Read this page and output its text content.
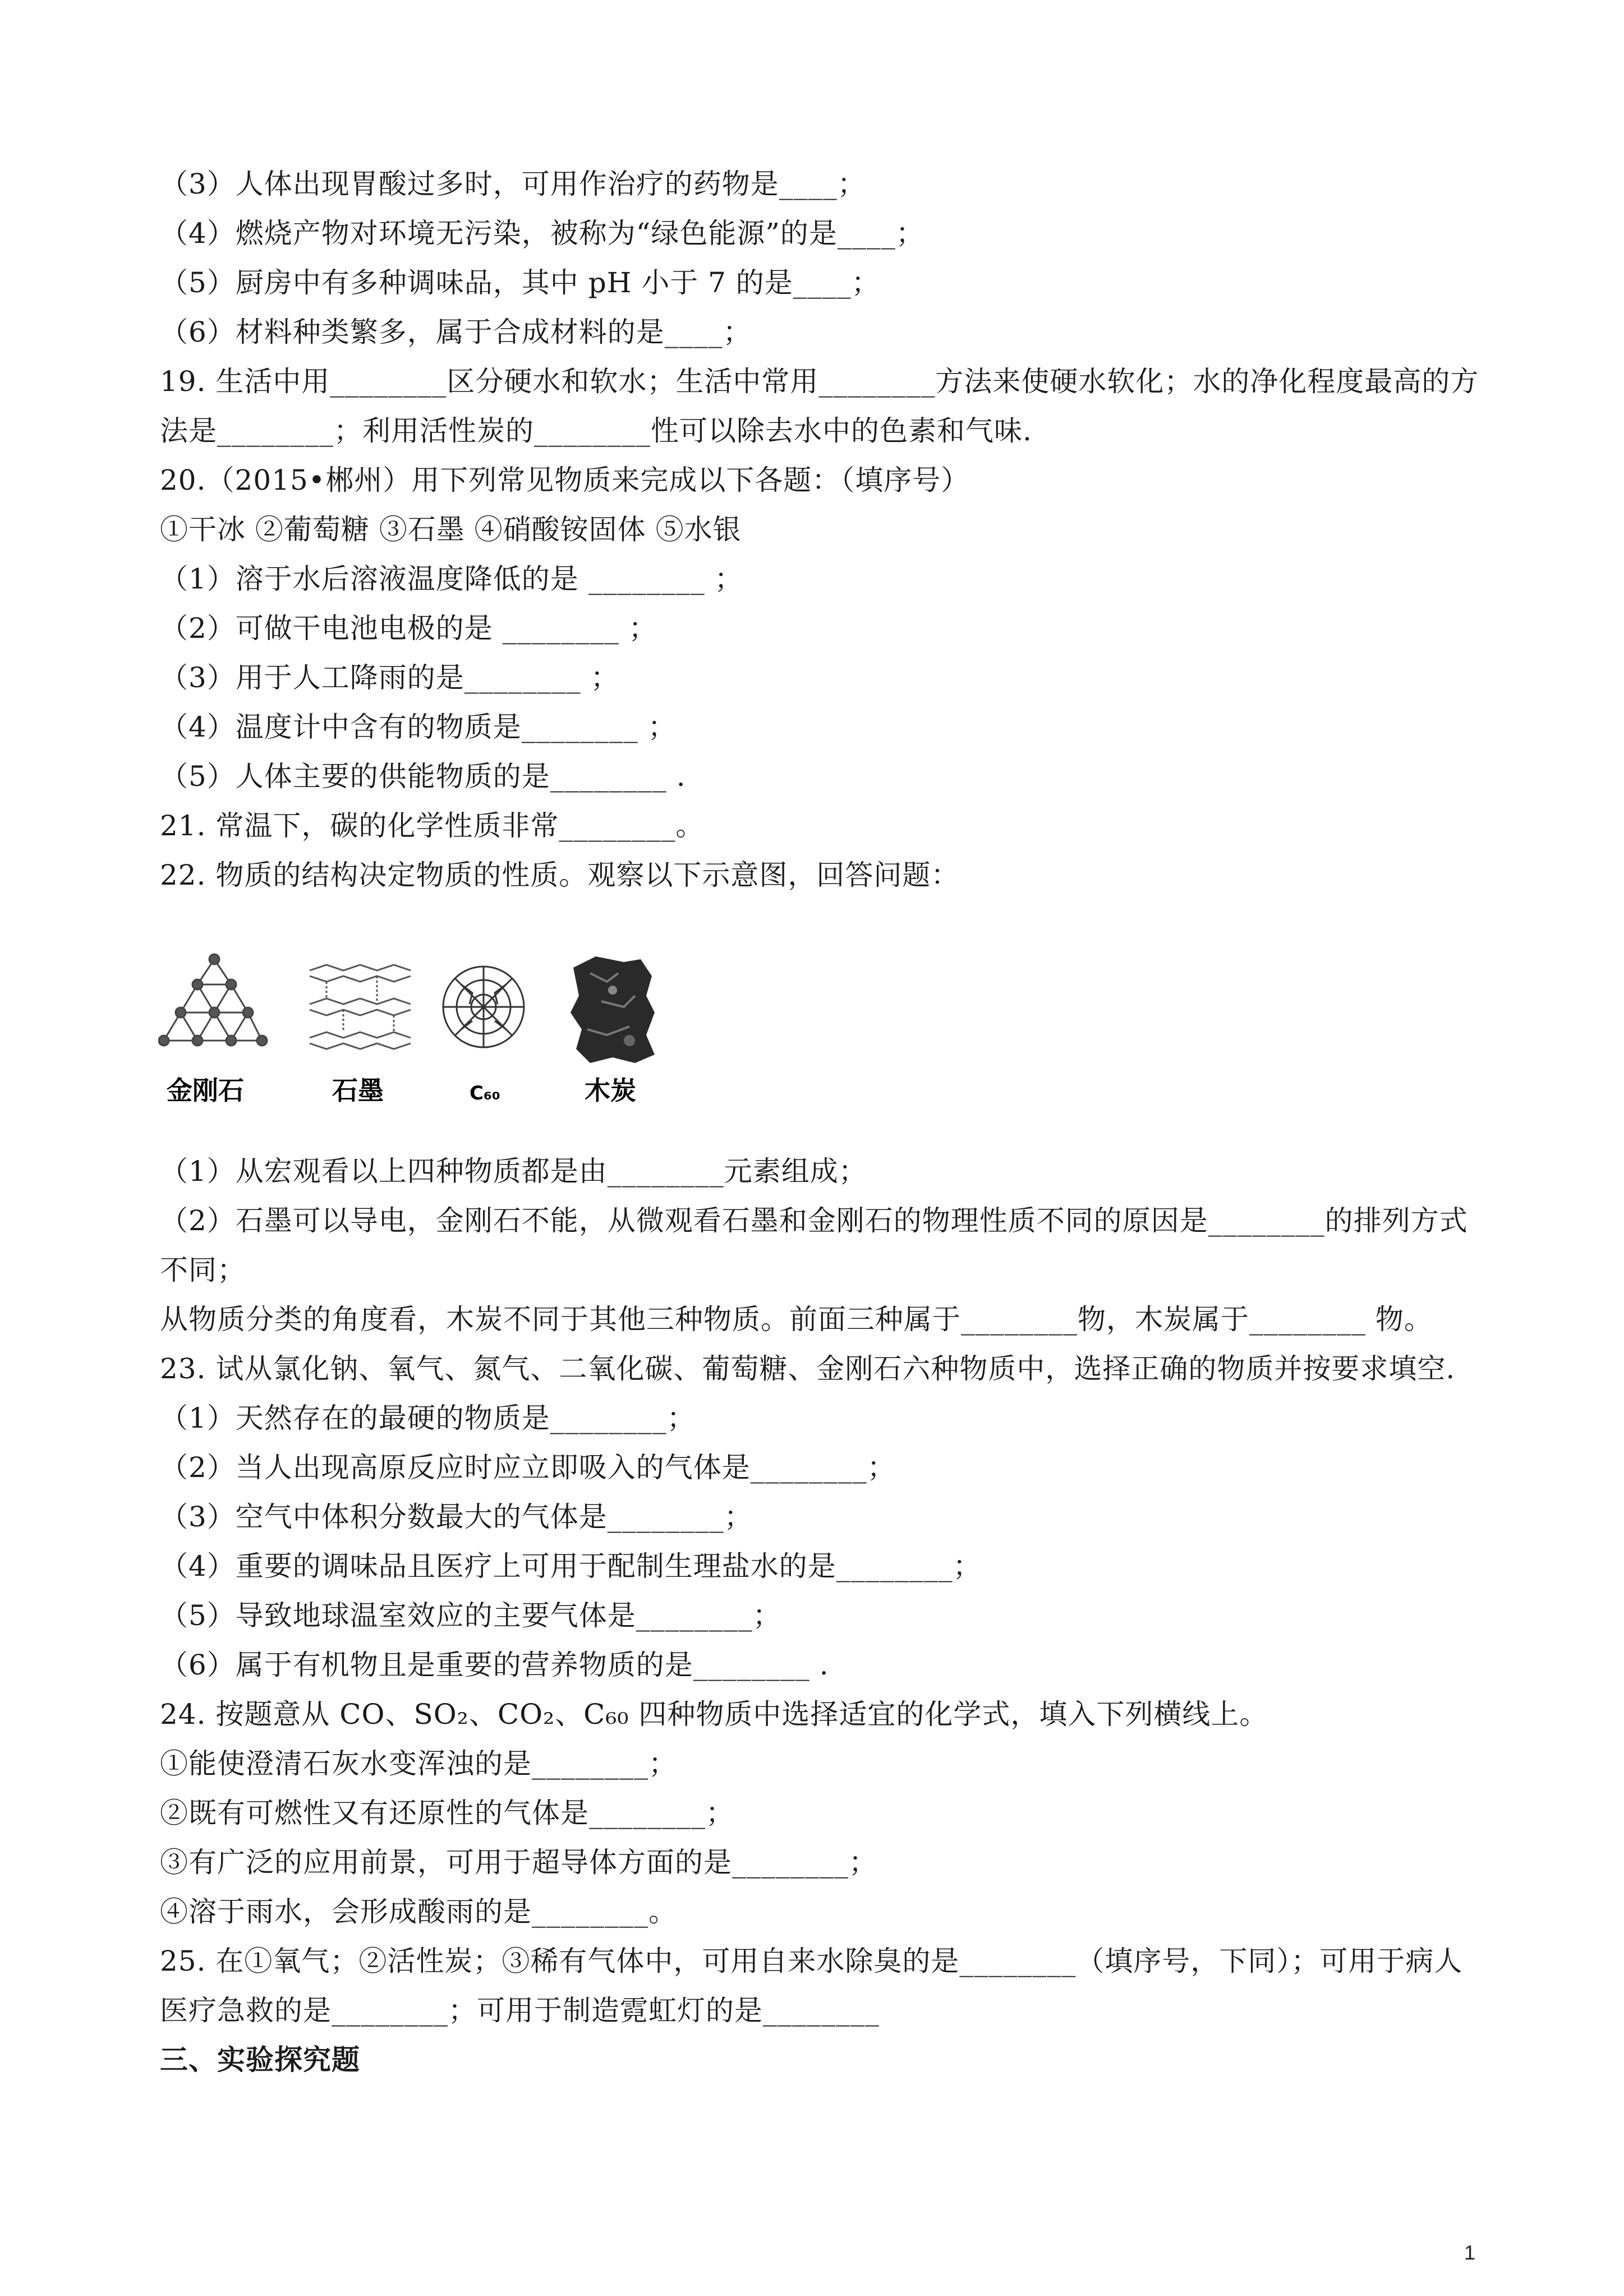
（3）人体出现胃酸过多时，可用作治疗的药物是____；
（4）燃烧产物对环境无污染，被称为“绿色能源”的是____；
（5）厨房中有多种调味品，其中 pH 小于 7 的是____；
（6）材料种类繁多，属于合成材料的是____；
19. 生活中用________区分硬水和软水；生活中常用________方法来使硬水软化；水的净化程度最高的方
法是________；利用活性炭的________性可以除去水中的色素和气味.
20.（2015•郴州）用下列常见物质来完成以下各题：（填序号）
①干冰 ②葡萄糖 ③石墨 ④硝酸铵固体 ⑤水银
（1）溶于水后溶液温度降低的是 ________ ；
（2）可做干电池电极的是 ________ ；
（3）用于人工降雨的是________ ；
（4）温度计中含有的物质是________ ；
（5）人体主要的供能物质的是________ .
21. 常温下，碳的化学性质非常________。
22. 物质的结构决定物质的性质。观察以下示意图，回答问题：
金刚石	石墨	C₆₀	木炭
（1）从宏观看以上四种物质都是由________元素组成；
（2）石墨可以导电，金刚石不能，从微观看石墨和金刚石的物理性质不同的原因是________的排列方式
不同；
从物质分类的角度看，木炭不同于其他三种物质。前面三种属于________物，木炭属于________ 物。
23. 试从氯化钠、氧气、氮气、二氧化碳、葡萄糖、金刚石六种物质中，选择正确的物质并按要求填空.
（1）天然存在的最硬的物质是________；
（2）当人出现高原反应时应立即吸入的气体是________；
（3）空气中体积分数最大的气体是________；
（4）重要的调味品且医疗上可用于配制生理盐水的是________；
（5）导致地球温室效应的主要气体是________；
（6）属于有机物且是重要的营养物质的是________ .
24. 按题意从 CO、SO₂、CO₂、C₆₀ 四种物质中选择适宜的化学式，填入下列横线上。
①能使澄清石灰水变浑浊的是________；
②既有可燃性又有还原性的气体是________；
③有广泛的应用前景，可用于超导体方面的是________；
④溶于雨水，会形成酸雨的是________。
25. 在①氧气；②活性炭；③稀有气体中，可用自来水除臭的是________（填序号，下同）；可用于病人
医疗急救的是________；可用于制造霓虹灯的是________
三、实验探究题
1
